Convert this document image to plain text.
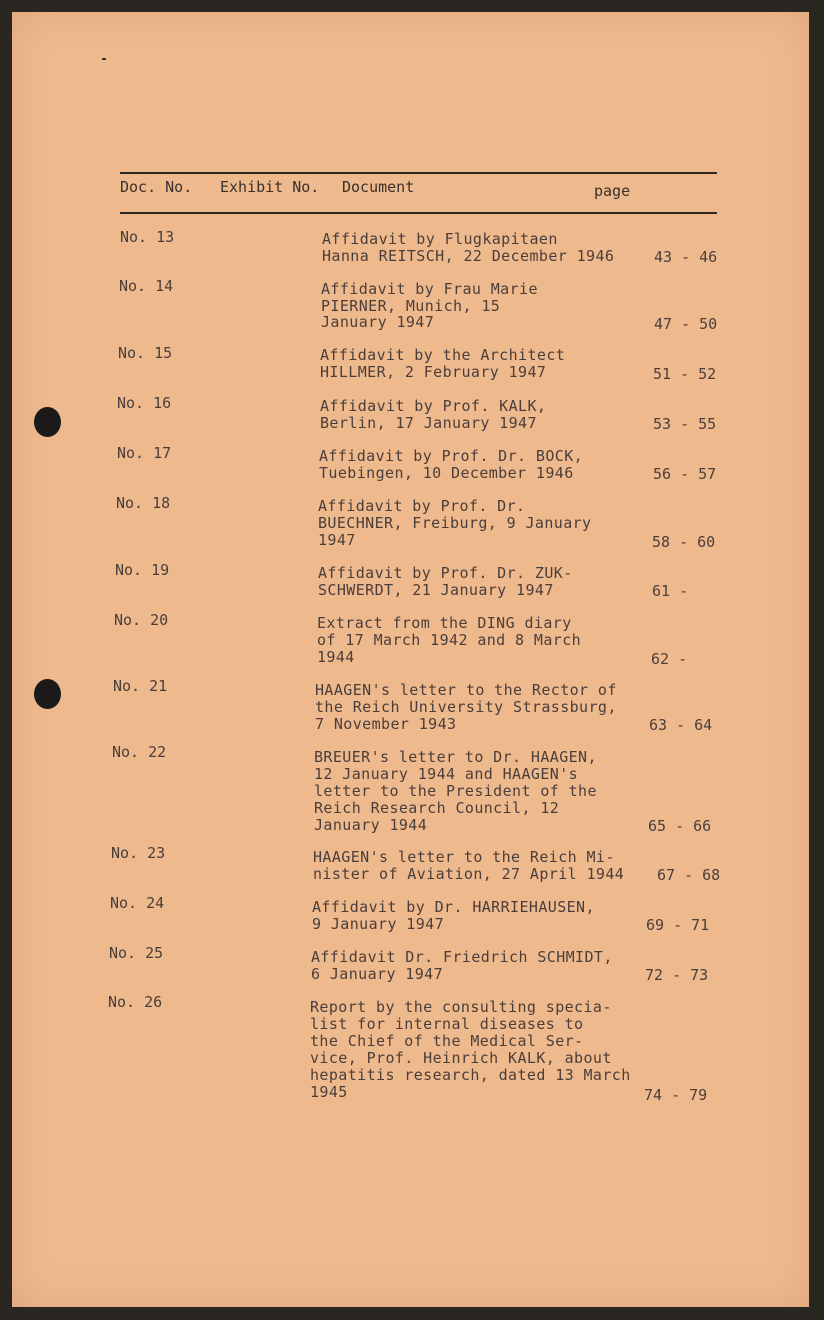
Doc. No. Exhibit No. Document	page
No. 13	Affidavit by Flugkapitaen
Hanna REITSCH, 22 December 1946	43 - 46
No. 14	Affidavit by Frau Marie
PIERNER, Munich, 15
January 1947	47 - 50
No. 15	Affidavit by the Architect
HILLMER, 2 February 1947	51 - 52
No. 16	Affidavit by Prof. KALK,
Berlin, 17 January 1947	53 - 55
No. 17	Affidavit by Prof. Dr. BOCK,
Tuebingen, 10 December 1946	56 - 57
No. 18	Affidavit by Prof. Dr.
BUECHNER, Freiburg, 9 January
1947	58 - 60
No. 19	Affidavit by Prof. Dr. ZUK-
SCHWERDT, 21 January 1947	61 -
No. 20	Extract from the DING diary
of 17 March 1942 and 8 March
1944	62 -
No. 21	HAAGEN's letter to the Rector of
the Reich University Strassburg,
7 November 1943	63 - 64
No. 22	BREUER's letter to Dr. HAAGEN,
12 January 1944 and HAAGEN's
letter to the President of the
Reich Research Council, 12
January 1944	65 - 66
No. 23	HAAGEN's letter to the Reich Mi-
nister of Aviation, 27 April 1944 67 - 68
No. 24	Affidavit by Dr. HARRIEHAUSEN,
9 January 1947	69 - 71
No. 25	Affidavit Dr. Friedrich SCHMIDT,
6 January 1947	72 - 73
No. 26	Report by the consulting specia-
list for internal diseases to
the Chief of the Medical Ser-
vice, Prof. Heinrich KALK, about
hepatitis research, dated 13 March
1945	74 - 79
